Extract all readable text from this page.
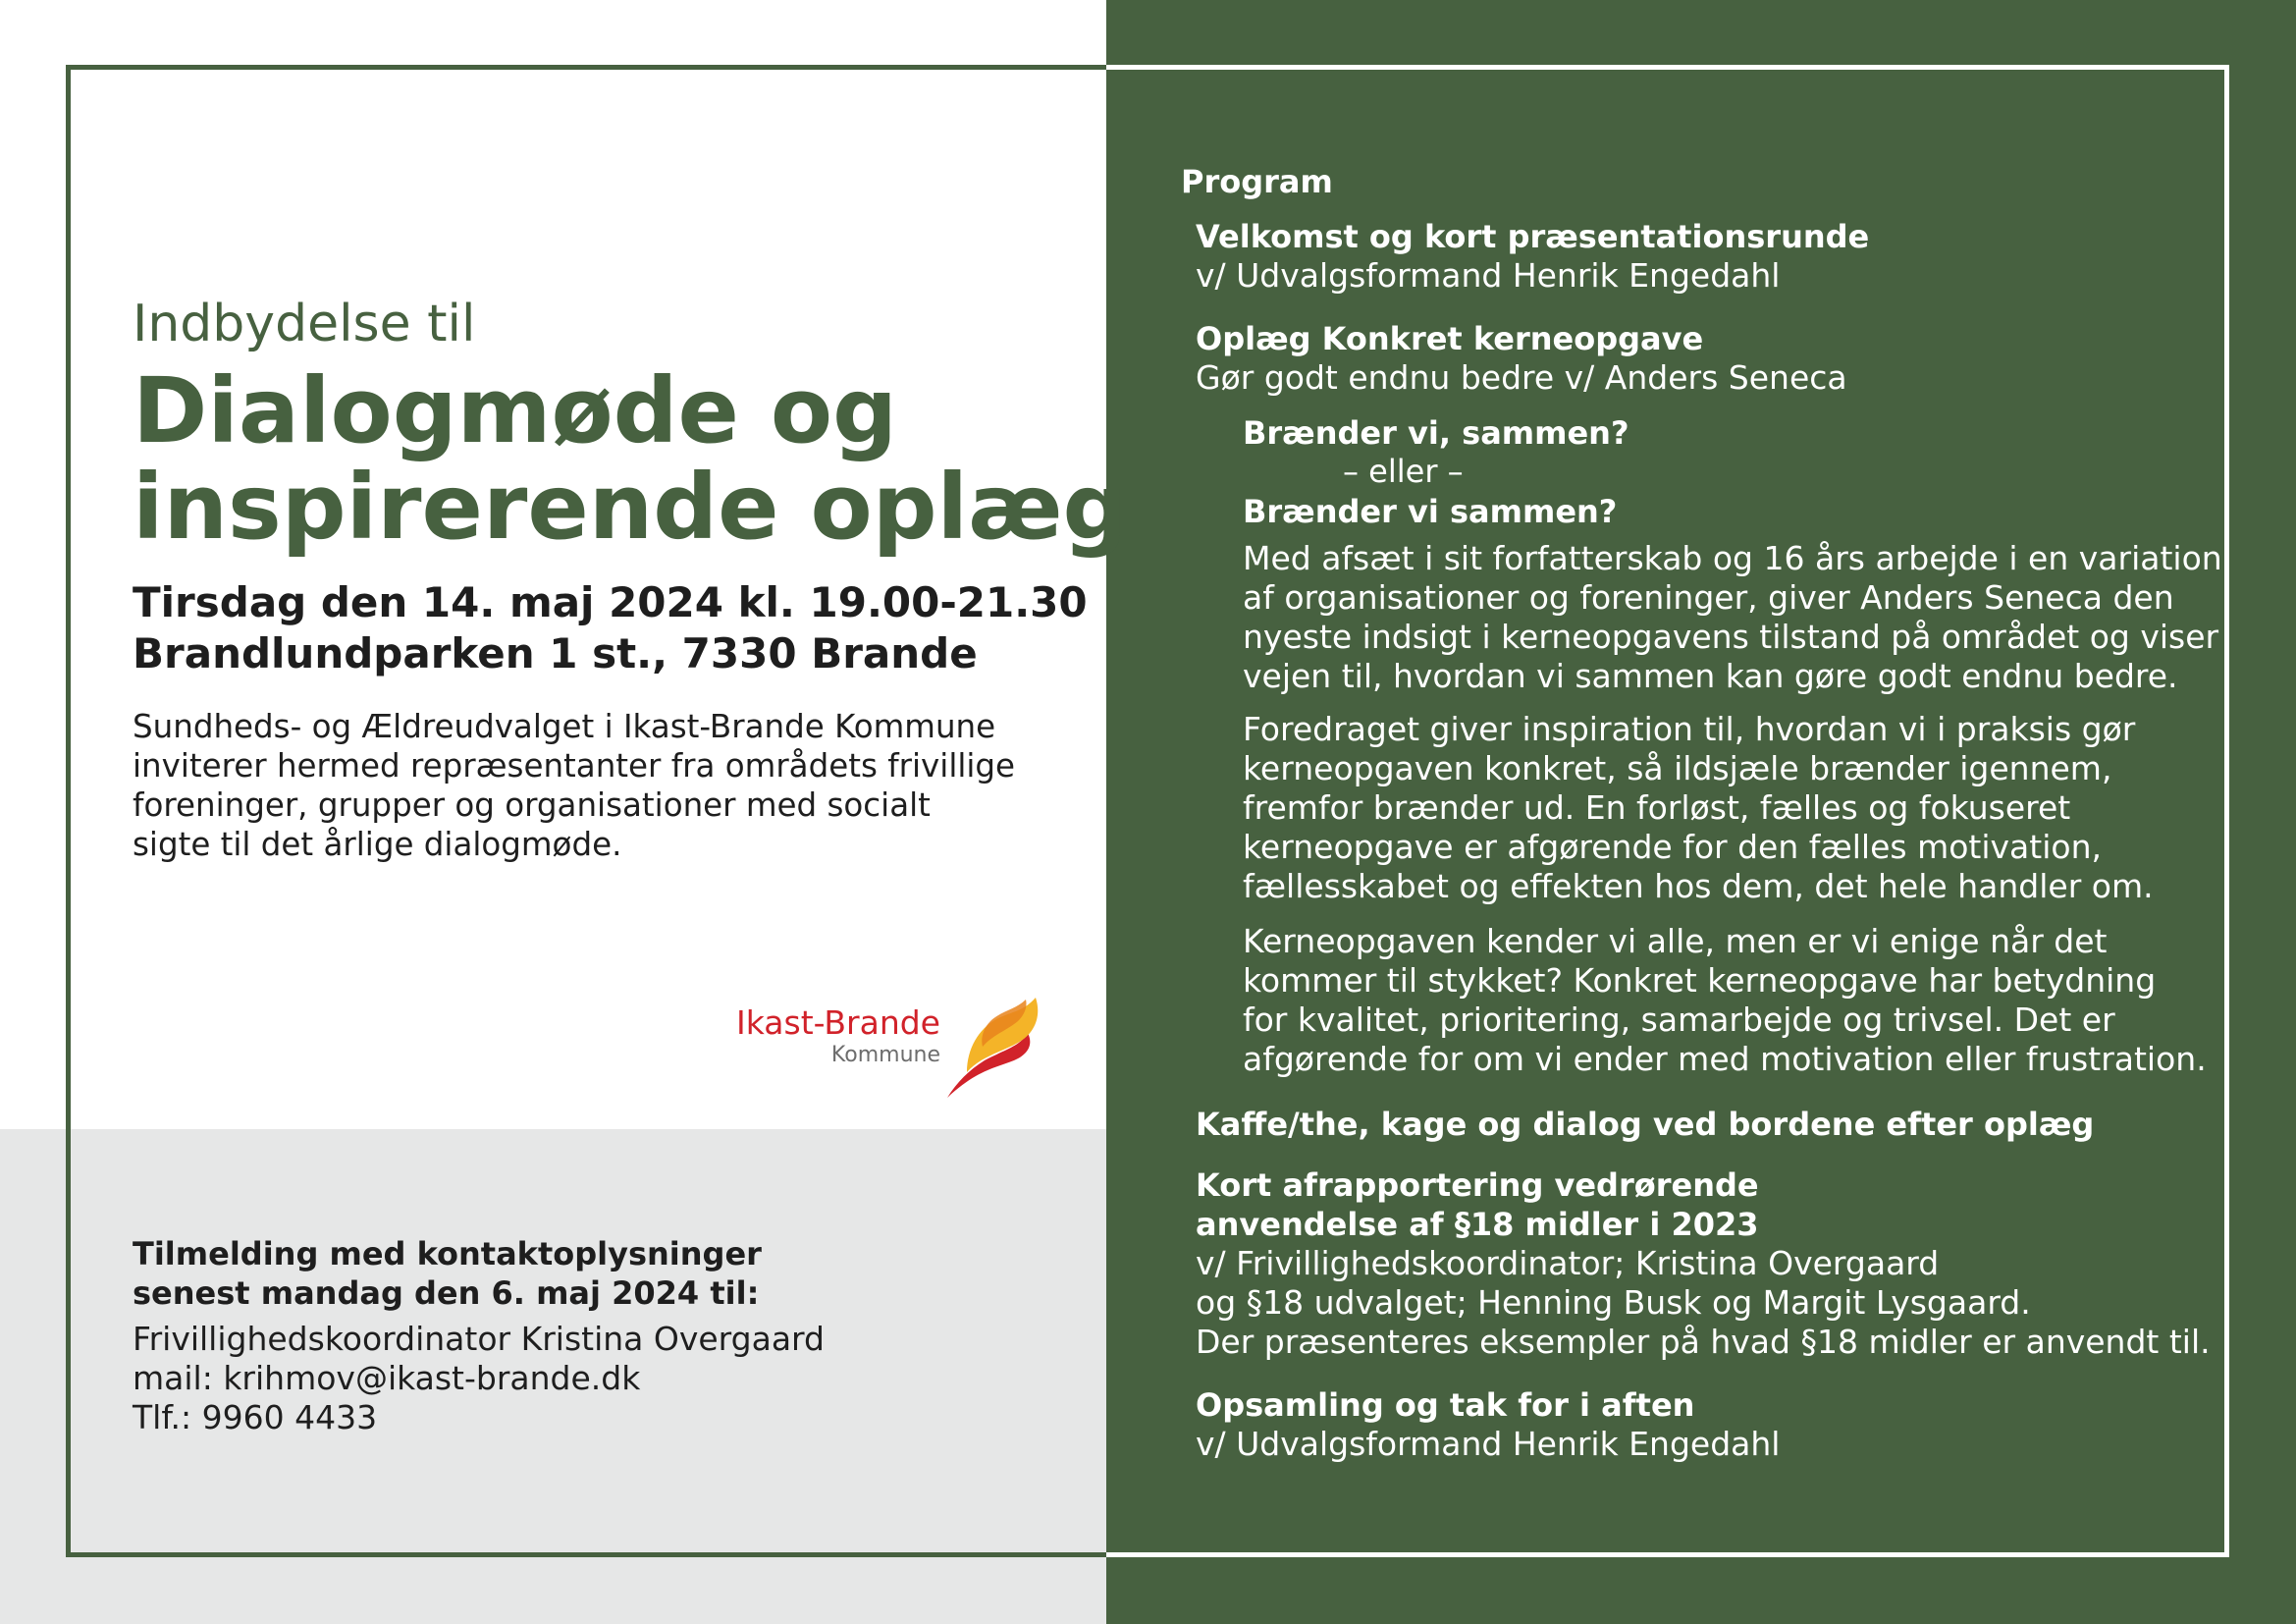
Indbydelse til
Dialogmøde og
inspirerende oplæg
Tirsdag den 14. maj 2024 kl. 19.00-21.30
Brandlundparken 1 st., 7330 Brande
Sundheds- og Ældreudvalget i Ikast-Brande Kommune
inviterer hermed repræsentanter fra områdets frivillige
foreninger, grupper og organisationer med socialt
sigte til det årlige dialogmøde.
Ikast-Brande
Kommune
Tilmelding med kontaktoplysninger
senest mandag den 6. maj 2024 til:
Frivillighedskoordinator Kristina Overgaard
mail: krihmov@ikast-brande.dk
Tlf.: 9960 4433
Program
Velkomst og kort præsentationsrunde
v/ Udvalgsformand Henrik Engedahl
Oplæg Konkret kerneopgave
Gør godt endnu bedre v/ Anders Seneca
Brænder vi, sammen?
– eller –
Brænder vi sammen?
Med afsæt i sit forfatterskab og 16 års arbejde i en variation
af organisationer og foreninger, giver Anders Seneca den
nyeste indsigt i kerneopgavens tilstand på området og viser
vejen til, hvordan vi sammen kan gøre godt endnu bedre.
Foredraget giver inspiration til, hvordan vi i praksis gør
kerneopgaven konkret, så ildsjæle brænder igennem,
fremfor brænder ud. En forløst, fælles og fokuseret
kerneopgave er afgørende for den fælles motivation,
fællesskabet og effekten hos dem, det hele handler om.
Kerneopgaven kender vi alle, men er vi enige når det
kommer til stykket? Konkret kerneopgave har betydning
for kvalitet, prioritering, samarbejde og trivsel. Det er
afgørende for om vi ender med motivation eller frustration.
Kaffe/the, kage og dialog ved bordene efter oplæg
Kort afrapportering vedrørende
anvendelse af §18 midler i 2023
v/ Frivillighedskoordinator; Kristina Overgaard
og §18 udvalget; Henning Busk og Margit Lysgaard.
Der præsenteres eksempler på hvad §18 midler er anvendt til.
Opsamling og tak for i aften
v/ Udvalgsformand Henrik Engedahl
